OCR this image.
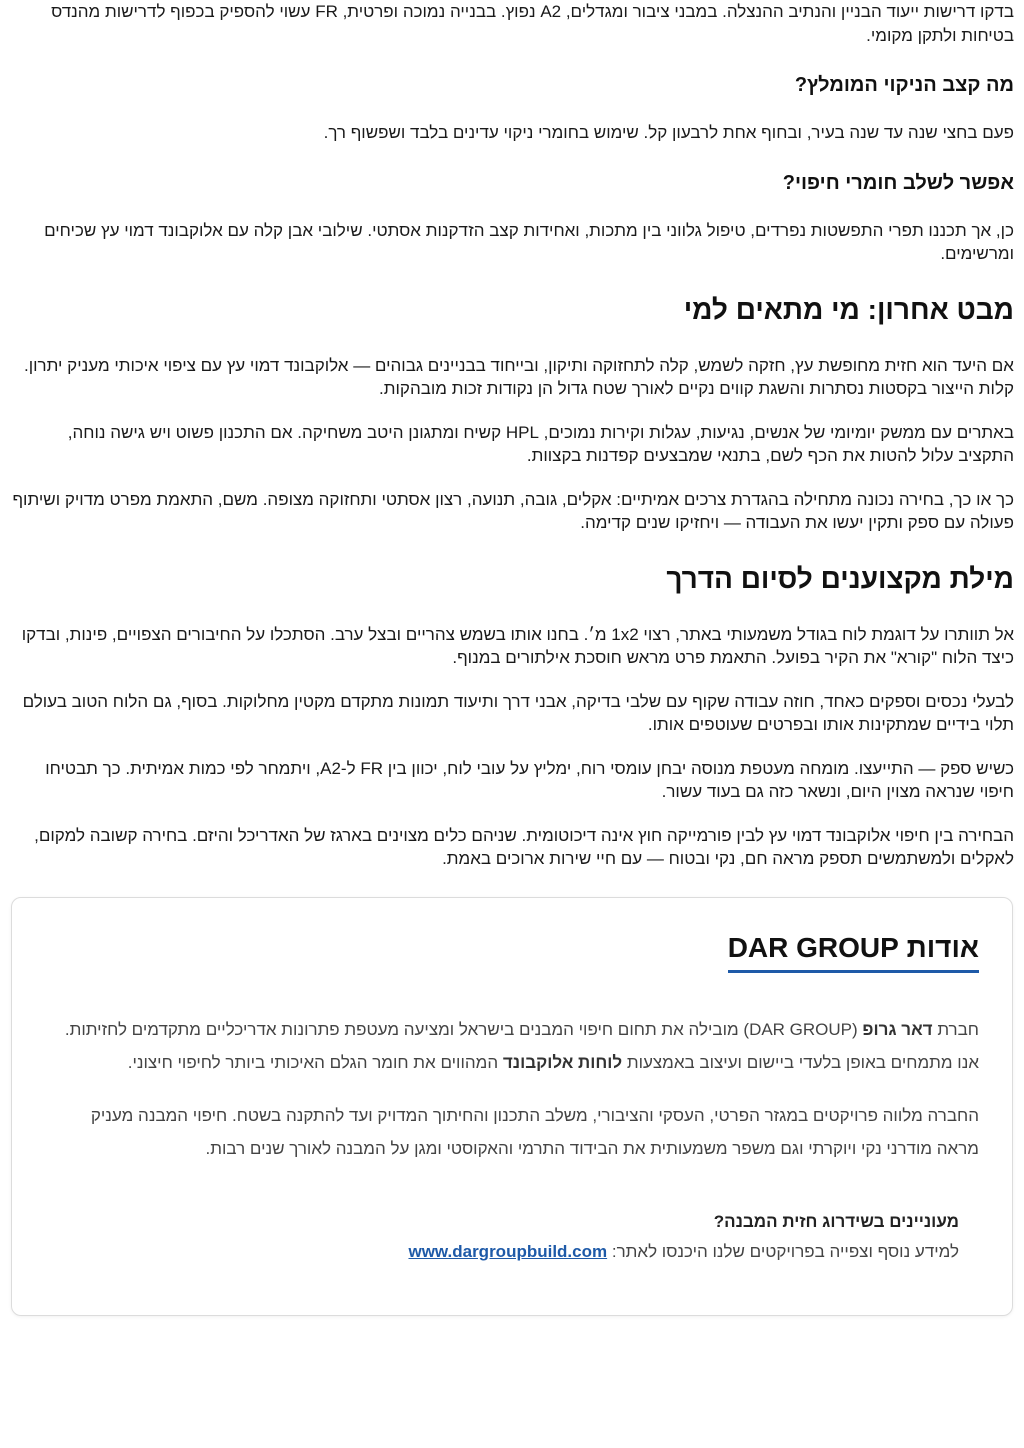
בדקו דרישות ייעוד הבניין והנתיב ההנצלה. במבני ציבור ומגדלים, A2 נפוץ. בבנייה נמוכה ופרטית, FR עשוי להספיק בכפוף לדרישות מהנדס בטיחות ולתקן מקומי.

מה קצב הניקוי המומלץ?

פעם בחצי שנה עד שנה בעיר, ובחוף אחת לרבעון קל. שימוש בחומרי ניקוי עדינים בלבד ושפשוף רך.

אפשר לשלב חומרי חיפוי?

כן, אך תכננו תפרי התפשטות נפרדים, טיפול גלווני בין מתכות, ואחידות קצב הזדקנות אסתטי. שילובי אבן קלה עם אלוקבונד דמוי עץ שכיחים ומרשימים.

מבט אחרון: מי מתאים למי

אם היעד הוא חזית מחופשת עץ, חזקה לשמש, קלה לתחזוקה ותיקון, ובייחוד בבניינים גבוהים — אלוקבונד דמוי עץ עם ציפוי איכותי מעניק יתרון. קלות הייצור בקסטות נסתרות והשגת קווים נקיים לאורך שטח גדול הן נקודות זכות מובהקות.

באתרים עם ממשק יומיומי של אנשים, נגיעות, עגלות וקירות נמוכים, HPL קשיח ומתגונן היטב משחיקה. אם התכנון פשוט ויש גישה נוחה, התקציב עלול להטות את הכף לשם, בתנאי שמבצעים קפדנות בקצוות.

כך או כך, בחירה נכונה מתחילה בהגדרת צרכים אמיתיים: אקלים, גובה, תנועה, רצון אסתטי ותחזוקה מצופה. משם, התאמת מפרט מדויק ושיתוף פעולה עם ספק ותקין יעשו את העבודה — ויחזיקו שנים קדימה.

מילת מקצוענים לסיום הדרך

אל תוותרו על דוגמת לוח בגודל משמעותי באתר, רצוי 1x2 מ׳. בחנו אותו בשמש צהריים ובצל ערב. הסתכלו על החיבורים הצפויים, פינות, ובדקו כיצד הלוח "קורא" את הקיר בפועל. התאמת פרט מראש חוסכת אילתורים במנוף.

לבעלי נכסים וספקים כאחד, חוזה עבודה שקוף עם שלבי בדיקה, אבני דרך ותיעוד תמונות מתקדם מקטין מחלוקות. בסוף, גם הלוח הטוב בעולם תלוי בידיים שמתקינות אותו ובפרטים שעוטפים אותו.

כשיש ספק — התייעצו. מומחה מעטפת מנוסה יבחן עומסי רוח, ימליץ על עובי לוח, יכוון בין FR ל-A2, ויתמחר לפי כמות אמיתית. כך תבטיחו חיפוי שנראה מצוין היום, ונשאר כזה גם בעוד עשור.

הבחירה בין חיפוי אלוקבונד דמוי עץ לבין פורמייקה חוץ אינה דיכוטומית. שניהם כלים מצוינים בארגז של האדריכל והיזם. בחירה קשובה למקום, לאקלים ולמשתמשים תספק מראה חם, נקי ובטוח — עם חיי שירות ארוכים באמת.

אודות DAR GROUP

חברת דאר גרופ (DAR GROUP) מובילה את תחום חיפוי המבנים בישראל ומציעה מעטפת פתרונות אדריכליים מתקדמים לחזיתות. אנו מתמחים באופן בלעדי ביישום ועיצוב באמצעות לוחות אלוקבונד המהווים את חומר הגלם האיכותי ביותר לחיפוי חיצוני.

החברה מלווה פרויקטים במגזר הפרטי, העסקי והציבורי, משלב התכנון והחיתוך המדויק ועד להתקנה בשטח. חיפוי המבנה מעניק מראה מודרני נקי ויוקרתי וגם משפר משמעותית את הבידוד התרמי והאקוסטי ומגן על המבנה לאורך שנים רבות.

מעוניינים בשידרוג חזית המבנה?

למידע נוסף וצפייה בפרויקטים שלנו היכנסו לאתר: www.dargroupbuild.com
